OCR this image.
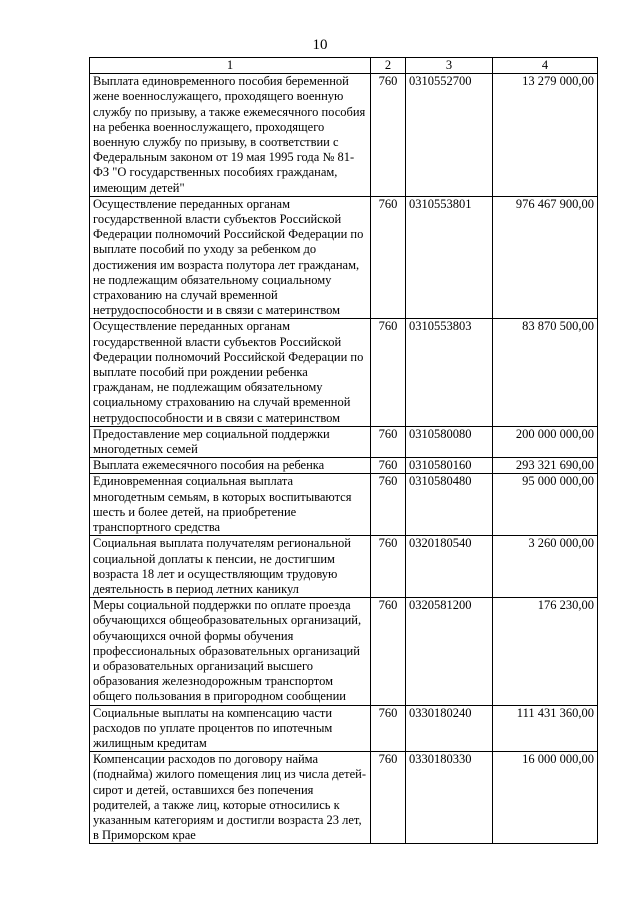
10
1	2	3	4
Выплата единовременного пособия беременной жене военнослужащего, проходящего военную службу по призыву, а также ежемесячного пособия на ребенка военнослужащего, проходящего военную службу по призыву, в соответствии с Федеральным законом от 19 мая 1995 года № 81-ФЗ "О государственных пособиях гражданам, имеющим детей"	760	0310552700	13 279 000,00
Осуществление переданных органам государственной власти субъектов Российской Федерации полномочий Российской Федерации по выплате пособий по уходу за ребенком до достижения им возраста полутора лет гражданам, не подлежащим обязательному социальному страхованию на случай временной нетрудоспособности и в связи с материнством	760	0310553801	976 467 900,00
Осуществление переданных органам государственной власти субъектов Российской Федерации полномочий Российской Федерации по выплате пособий при рождении ребенка гражданам, не подлежащим обязательному социальному страхованию на случай временной нетрудоспособности и в связи с материнством	760	0310553803	83 870 500,00
Предоставление мер социальной поддержки многодетных семей	760	0310580080	200 000 000,00
Выплата ежемесячного пособия на ребенка	760	0310580160	293 321 690,00
Единовременная социальная выплата многодетным семьям, в которых воспитываются шесть и более детей, на приобретение транспортного средства	760	0310580480	95 000 000,00
Социальная выплата получателям региональной социальной доплаты к пенсии, не достигшим возраста 18 лет и осуществляющим трудовую деятельность в период летних каникул	760	0320180540	3 260 000,00
Меры социальной поддержки по оплате проезда обучающихся общеобразовательных организаций, обучающихся очной формы обучения профессиональных образовательных организаций и образовательных организаций высшего образования железнодорожным транспортом общего пользования в пригородном сообщении	760	0320581200	176 230,00
Социальные выплаты на компенсацию части расходов по уплате процентов по ипотечным жилищным кредитам	760	0330180240	111 431 360,00
Компенсации расходов по договору найма (поднайма) жилого помещения лиц из числа детей-сирот и детей, оставшихся без попечения родителей, а также лиц, которые относились к указанным категориям и достигли возраста 23 лет, в Приморском крае	760	0330180330	16 000 000,00
